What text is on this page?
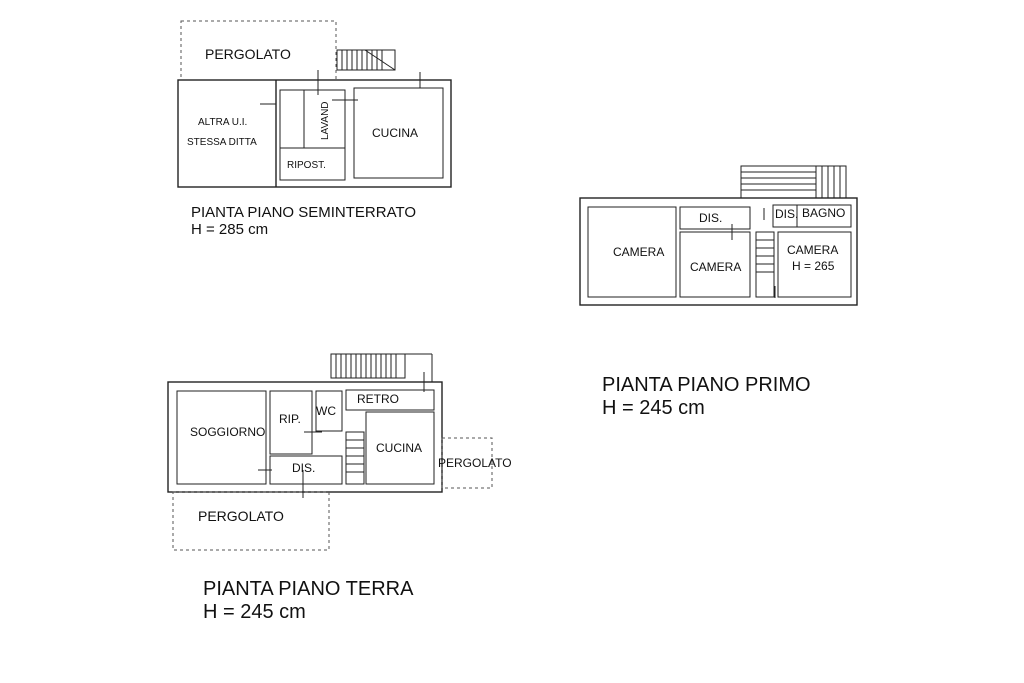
PERGOLATO
ALTRA U.I.
STESSA DITTA
LAVAND	CUCINA
RIPOST.
CAMERA
DIS.
CAMERA
DIS. BAGNO
CAMERA
H = 265
SOGGIORNO
RIP.
WC
RETRO
CUCINA
DIS.	PERGOLATO
PERGOLATO
PIANTA PIANO SEMINTERRATO
H = 285 cm
PIANTA PIANO PRIMO
H = 245 cm
PIANTA PIANO TERRA
H = 245 cm
